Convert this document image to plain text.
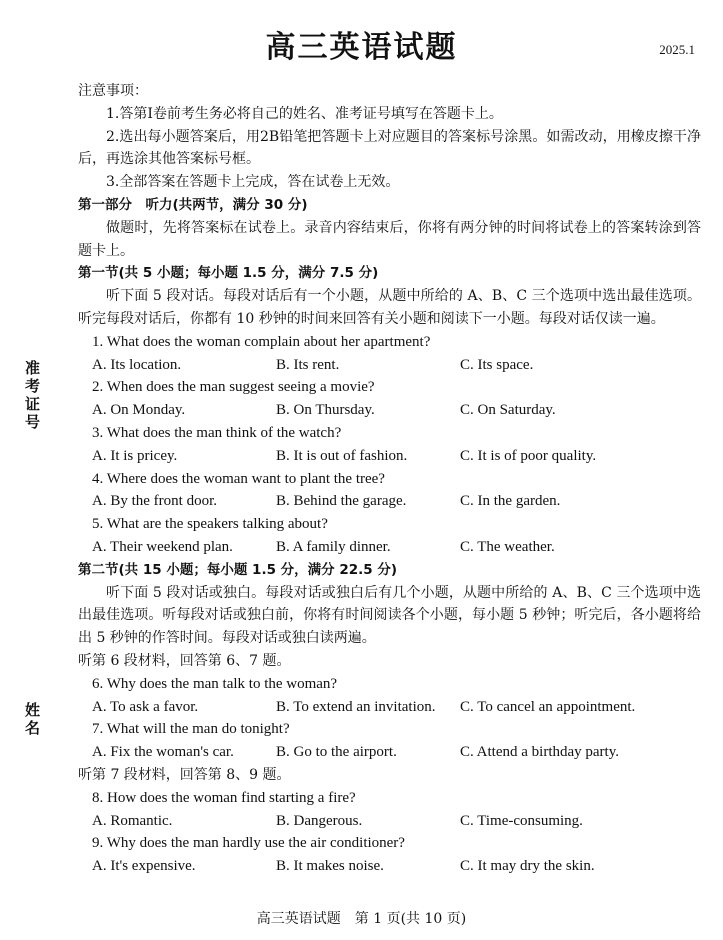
高三英语试题	2025.1
准考证号
姓名
注意事项：
1.答第Ⅰ卷前考生务必将自己的姓名、准考证号填写在答题卡上。
2.选出每小题答案后，用2B铅笔把答题卡上对应题目的答案标号涂黑。如需改动，用橡皮擦干净后，再选涂其他答案标号框。
3.全部答案在答题卡上完成，答在试卷上无效。
第一部分　听力(共两节，满分 30 分)
做题时，先将答案标在试卷上。录音内容结束后，你将有两分钟的时间将试卷上的答案转涂到答题卡上。
第一节(共 5 小题；每小题 1.5 分，满分 7.5 分)
听下面 5 段对话。每段对话后有一个小题，从题中所给的 A、B、C 三个选项中选出最佳选项。听完每段对话后，你都有 10 秒钟的时间来回答有关小题和阅读下一小题。每段对话仅读一遍。
1. What does the woman complain about her apartment?
A. Its location.	B. Its rent.	C. Its space.
2. When does the man suggest seeing a movie?
A. On Monday.	B. On Thursday.	C. On Saturday.
3. What does the man think of the watch?
A. It is pricey.	B. It is out of fashion.	C. It is of poor quality.
4. Where does the woman want to plant the tree?
A. By the front door.	B. Behind the garage.	C. In the garden.
5. What are the speakers talking about?
A. Their weekend plan.	B. A family dinner.	C. The weather.
第二节(共 15 小题；每小题 1.5 分，满分 22.5 分)
听下面 5 段对话或独白。每段对话或独白后有几个小题，从题中所给的 A、B、C 三个选项中选出最佳选项。听每段对话或独白前，你将有时间阅读各个小题，每小题 5 秒钟；听完后，各小题将给出 5 秒钟的作答时间。每段对话或独白读两遍。
听第 6 段材料，回答第 6、7 题。
6. Why does the man talk to the woman?
A. To ask a favor.	B. To extend an invitation. C. To cancel an appointment.
7. What will the man do tonight?
A. Fix the woman's car.	B. Go to the airport.	C. Attend a birthday party.
听第 7 段材料，回答第 8、9 题。
8. How does the woman find starting a fire?
A. Romantic.	B. Dangerous.	C. Time-consuming.
9. Why does the man hardly use the air conditioner?
A. It's expensive.	B. It makes noise.	C. It may dry the skin.
高三英语试题　第 1 页(共 10 页)
